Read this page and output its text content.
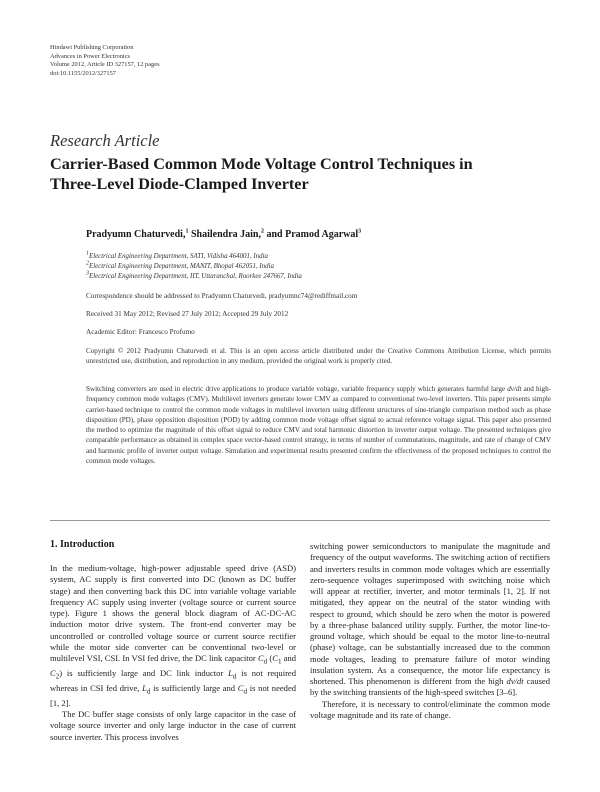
Hindawi Publishing Corporation
Advances in Power Electronics
Volume 2012, Article ID 327157, 12 pages
doi:10.1155/2012/327157
Research Article
Carrier-Based Common Mode Voltage Control Techniques in
Three-Level Diode-Clamped Inverter
Pradyumn Chaturvedi,$^1$ Shailendra Jain,$^2$ and Pramod Agarwal$^3$
$^1$Electrical Engineering Department, SATI, Vidisha 464001, India
$^2$Electrical Engineering Department, MANIT, Bhopal 462051, India
$^3$Electrical Engineering Department, IIT, Uttaranchal, Roorkee 247667, India
Correspondence should be addressed to Pradyumn Chaturvedi, pradyumnc74@rediffmail.com
Received 31 May 2012; Revised 27 July 2012; Accepted 29 July 2012
Academic Editor: Francesco Profumo
Copyright © 2012 Pradyumn Chaturvedi et al. This is an open access article distributed under the Creative Commons Attribution License, which permits unrestricted use, distribution, and reproduction in any medium, provided the original work is properly cited.
Switching converters are used in electric drive applications to produce variable voltage, variable frequency supply which generates harmful large dv/dt and high-frequency common mode voltages (CMV). Multilevel inverters generate lower CMV as compared to conventional two-level inverters. This paper presents simple carrier-based technique to control the common mode voltages in multilevel inverters using different structures of sine-triangle comparison method such as phase disposition (PD), phase opposition disposition (POD) by adding common mode voltage offset signal to actual reference voltage signal. This paper also presented the method to optimize the magnitude of this offset signal to reduce CMV and total harmonic distortion in inverter output voltage. The presented techniques give comparable performance as obtained in complex space vector-based control strategy, in terms of number of commutations, magnitude, and rate of change of CMV and harmonic profile of inverter output voltage. Simulation and experimental results presented confirm the effectiveness of the proposed techniques to control the common mode voltages.
1. Introduction

In the medium-voltage, high-power adjustable speed drive (ASD) system, AC supply is first converted into DC (known as DC buffer stage) and then converting back this DC into variable voltage variable frequency AC supply using inverter (voltage source or current source type). Figure 1 shows the general block diagram of AC-DC-AC induction motor drive system. The front-end converter may be uncontrolled or controlled voltage source or current source rectifier while the motor side converter can be conventional two-level or multilevel VSI, CSI. In VSI fed drive, the DC link capacitor $C_d$ ($C_1$ and $C_2$) is sufficiently large and DC link inductor $L_d$ is not required whereas in CSI fed drive, $L_d$ is sufficiently large and $C_d$ is not needed [1, 2].

The DC buffer stage consists of only large capacitor in the case of voltage source inverter and only large inductor in the case of current source inverter. This process involves

switching power semiconductors to manipulate the magnitude and frequency of the output waveforms. The switching action of rectifiers and inverters results in common mode voltages which are essentially zero-sequence voltages superimposed with switching noise which will appear at rectifier, inverter, and motor terminals [1, 2]. If not mitigated, they appear on the neutral of the stator winding with respect to ground, which should be zero when the motor is powered by a three-phase balanced utility supply. Further, the motor line-to-ground voltage, which should be equal to the motor line-to-neutral (phase) voltage, can be substantially increased due to the common mode voltages, leading to premature failure of motor winding insulation system. As a consequence, the motor life expectancy is shortened. This phenomenon is different from the high dv/dt caused by the switching transients of the high-speed switches [3–6].

Therefore, it is necessary to control/eliminate the common mode voltage magnitude and its rate of change.
